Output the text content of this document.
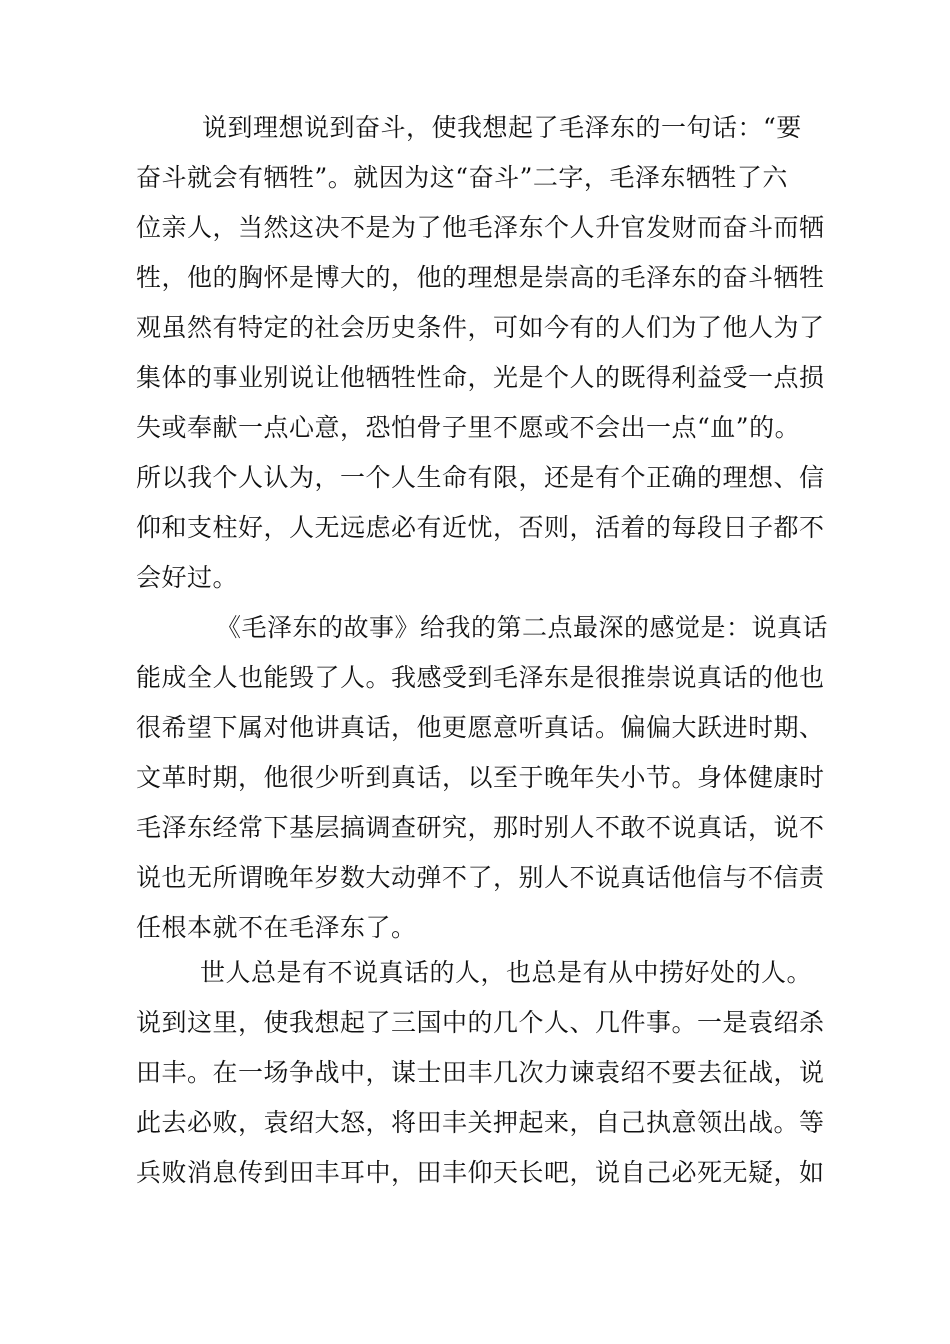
说到理想说到奋斗，使我想起了毛泽东的一句话：“要
奋斗就会有牺牲”。就因为这“奋斗”二字，毛泽东牺牲了六
位亲人，当然这决不是为了他毛泽东个人升官发财而奋斗而牺
牲，他的胸怀是博大的，他的理想是崇高的毛泽东的奋斗牺牲
观虽然有特定的社会历史条件，可如今有的人们为了他人为了
集体的事业别说让他牺牲性命，光是个人的既得利益受一点损
失或奉献一点心意，恐怕骨子里不愿或不会出一点“血”的。
所以我个人认为，一个人生命有限，还是有个正确的理想、信
仰和支柱好，人无远虑必有近忧，否则，活着的每段日子都不
会好过。
《毛泽东的故事》给我的第二点最深的感觉是：说真话
能成全人也能毁了人。我感受到毛泽东是很推崇说真话的他也
很希望下属对他讲真话，他更愿意听真话。偏偏大跃进时期、
文革时期，他很少听到真话，以至于晚年失小节。身体健康时
毛泽东经常下基层搞调查研究，那时别人不敢不说真话，说不
说也无所谓晚年岁数大动弹不了，别人不说真话他信与不信责
任根本就不在毛泽东了。
世人总是有不说真话的人，也总是有从中捞好处的人。
说到这里，使我想起了三国中的几个人、几件事。一是袁绍杀
田丰。在一场争战中，谋士田丰几次力谏袁绍不要去征战，说
此去必败，袁绍大怒，将田丰关押起来，自己执意领出战。等
兵败消息传到田丰耳中，田丰仰天长吧，说自己必死无疑，如
